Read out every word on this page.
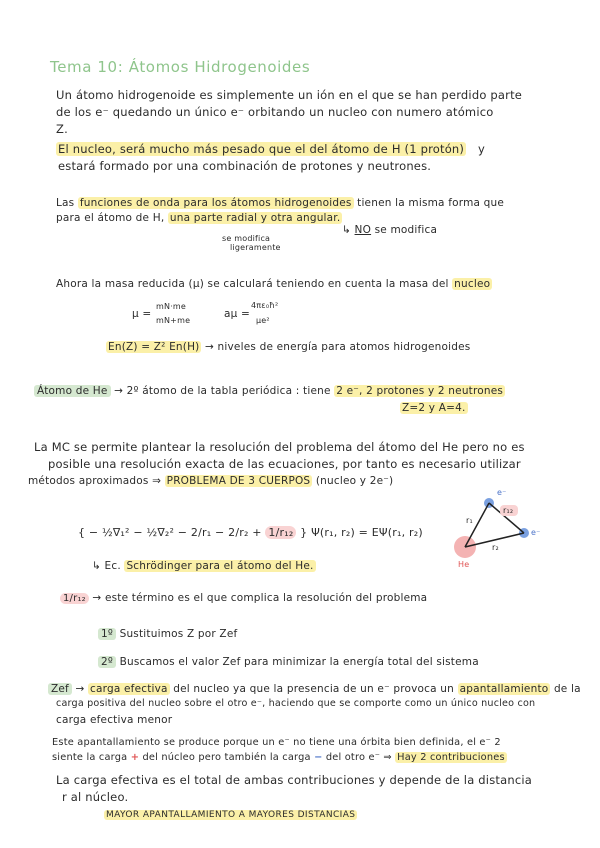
Tema 10: Átomos Hidrogenoides
Un átomo hidrogenoide es simplemente un ión en el que se han perdido parte
de los e⁻ quedando un único e⁻ orbitando un nucleo con numero atómico
Z.
El nucleo, será mucho más pesado que el del átomo de H (1 protón) y
estará formado por una combinación de protones y neutrones.
Las funciones de onda para los átomos hidrogenoides tienen la misma forma que
para el átomo de H, una parte radial y otra angular.
se modifica
ligeramente
↳ NO se modifica
Ahora la masa reducida (μ) se calculará teniendo en cuenta la masa del nucleo
μ =
mN·me
mN+me
aμ =
4πε₀ħ²
μe²
En(Z) = Z² En(H) → niveles de energía para atomos hidrogenoides
Átomo de He → 2º átomo de la tabla periódica : tiene 2 e⁻, 2 protones y 2 neutrones
Z=2 y A=4.
La MC se permite plantear la resolución del problema del átomo del He pero no es
posible una resolución exacta de las ecuaciones, por tanto es necesario utilizar
métodos aproximados ⇒ PROBLEMA DE 3 CUERPOS (nucleo y 2e⁻)
{ − ½∇₁² − ½∇₂² − 2/r₁ − 2/r₂ + 1/r₁₂ } Ψ(r₁, r₂) = EΨ(r₁, r₂)
↳ Ec. Schrödinger para el átomo del He.
e⁻
e⁻
He
r₁
r₂
r₁₂
1/r₁₂ → este término es el que complica la resolución del problema
1º Sustituimos Z por Zef
2º Buscamos el valor Zef para minimizar la energía total del sistema
Zef → carga efectiva del nucleo ya que la presencia de un e⁻ provoca un apantallamiento de la
carga positiva del nucleo sobre el otro e⁻, haciendo que se comporte como un único nucleo con
carga efectiva menor
Este apantallamiento se produce porque un e⁻ no tiene una órbita bien definida, el e⁻ 2
siente la carga + del núcleo pero también la carga − del otro e⁻ ⇒ Hay 2 contribuciones
La carga efectiva es el total de ambas contribuciones y depende de la distancia
r al núcleo.
MAYOR APANTALLAMIENTO A MAYORES DISTANCIAS
